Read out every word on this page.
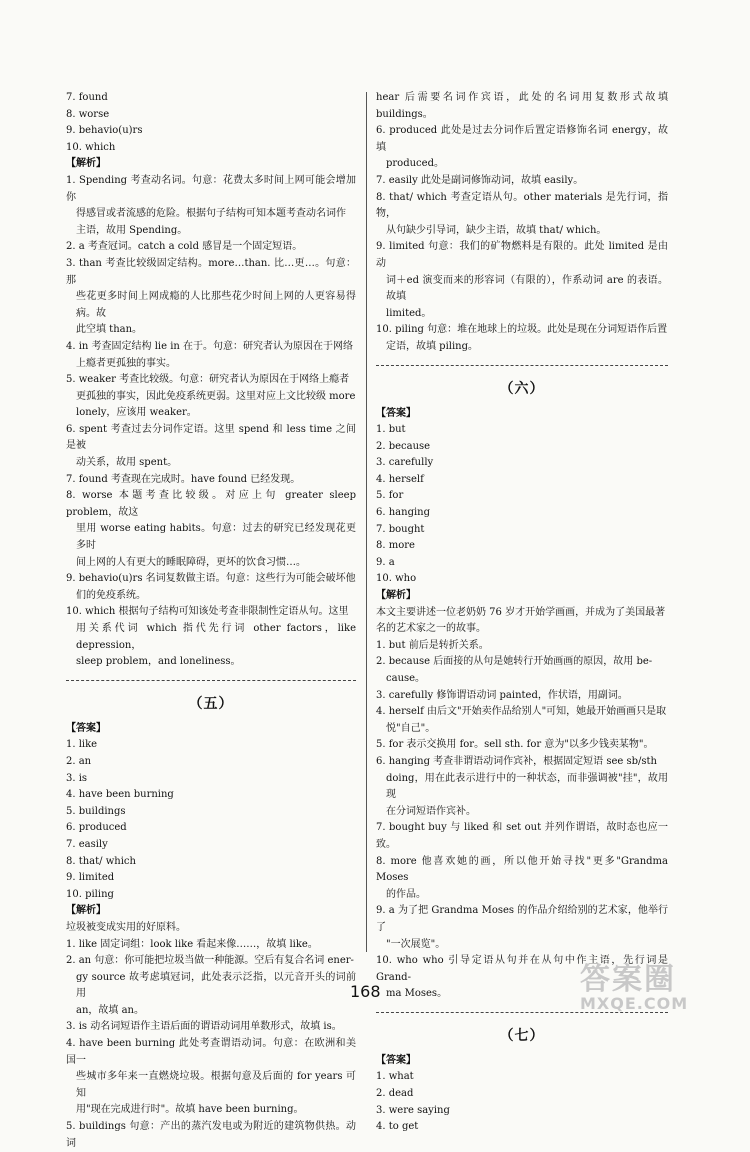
7. found
8. worse
9. behavio(u)rs
10. which
【解析】
1. Spending 考查动名词。句意：花费太多时间上网可能会增加你
得感冒或者流感的危险。根据句子结构可知本题考查动名词作
主语，故用 Spending。
2. a 考查冠词。catch a cold 感冒是一个固定短语。
3. than 考查比较级固定结构。more…than. 比…更…。句意：那
些花更多时间上网成瘾的人比那些花少时间上网的人更容易得病。故
此空填 than。
4. in 考查固定结构 lie in 在于。句意：研究者认为原因在于网络
上瘾者更孤独的事实。
5. weaker 考查比较级。句意：研究者认为原因在于网络上瘾者
更孤独的事实，因此免疫系统更弱。这里对应上文比较级 more
lonely，应该用 weaker。
6. spent 考查过去分词作定语。这里 spend 和 less time 之间是被
动关系，故用 spent。
7. found 考查现在完成时。have found 已经发现。
8. worse 本题考查比较级。对应上句 greater sleep problem，故这
里用 worse eating habits。句意：过去的研究已经发现花更多时
间上网的人有更大的睡眠障碍，更坏的饮食习惯…。
9. behavio(u)rs 名词复数做主语。句意：这些行为可能会破坏他
们的免疫系统。
10. which 根据句子结构可知该处考查非限制性定语从句。这里
用关系代词 which 指代先行词 other factors，like depression，
sleep problem，and loneliness。
（五）
【答案】
1. like
2. an
3. is
4. have been burning
5. buildings
6. produced
7. easily
8. that/ which
9. limited
10. piling
【解析】
垃圾被变成实用的好原料。
1. like 固定词组：look like 看起来像……，故填 like。
2. an 句意：你可能把垃圾当做一种能源。空后有复合名词 ener-
gy source 故考虑填冠词，此处表示泛指，以元音开头的词前用
an，故填 an。
3. is 动名词短语作主语后面的谓语动词用单数形式，故填 is。
4. have been burning 此处考查谓语动词。句意：在欧洲和美国一
些城市多年来一直燃烧垃圾。根据句意及后面的 for years 可知
用"现在完成进行时"。故填 have been burning。
5. buildings 句意：产出的蒸汽发电或为附近的建筑物供热。动词
hear 后需要名词作宾语，此处的名词用复数形式故填 buildings。
6. produced 此处是过去分词作后置定语修饰名词 energy，故填
produced。
7. easily 此处是副词修饰动词，故填 easily。
8. that/ which 考查定语从句。other materials 是先行词，指物，
从句缺少引导词，缺少主语，故填 that/ which。
9. limited 句意：我们的矿物燃料是有限的。此处 limited 是由动
词＋ed 演变而来的形容词（有限的），作系动词 are 的表语。故填
limited。
10. piling 句意：堆在地球上的垃圾。此处是现在分词短语作后置
定语，故填 piling。
（六）
【答案】
1. but
2. because
3. carefully
4. herself
5. for
6. hanging
7. bought
8. more
9. a
10. who
【解析】
本文主要讲述一位老奶奶 76 岁才开始学画画，并成为了美国最著
名的艺术家之一的故事。
1. but 前后是转折关系。
2. because 后面接的从句是她转行开始画画的原因，故用 be-
cause。
3. carefully 修饰谓语动词 painted，作状语，用副词。
4. herself 由后文"开始卖作品给别人"可知，她最开始画画只是取
悦"自己"。
5. for 表示交换用 for。sell sth. for 意为"以多少钱卖某物"。
6. hanging 考查非谓语动词作宾补，根据固定短语 see sb/sth
doing，用在此表示进行中的一种状态，而非强调被"挂"，故用现
在分词短语作宾补。
7. bought buy 与 liked 和 set out 并列作谓语，故时态也应一致。
8. more 他喜欢她的画，所以他开始寻找"更多"Grandma Moses
的作品。
9. a 为了把 Grandma Moses 的作品介绍给别的艺术家，他举行了
"一次展览"。
10. who who 引导定语从句并在从句中作主语，先行词是 Grand-
ma Moses。
（七）
【答案】
1. what
2. dead
3. were saying
4. to get
168	答案圈
MXQE.COM
